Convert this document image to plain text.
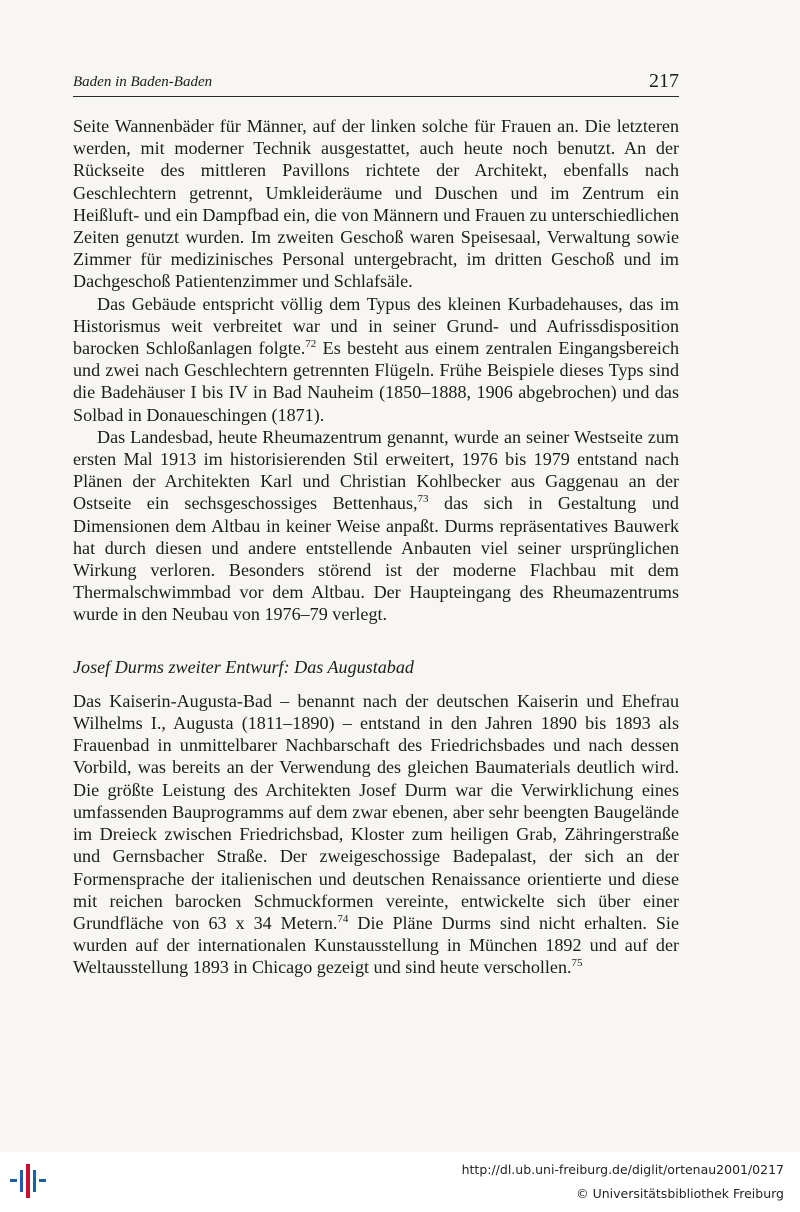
Baden in Baden-Baden	217

Seite Wannenbäder für Männer, auf der linken solche für Frauen an. Die letzteren werden, mit moderner Technik ausgestattet, auch heute noch benutzt. An der Rückseite des mittleren Pavillons richtete der Architekt, ebenfalls nach Geschlechtern getrennt, Umkleideräume und Duschen und im Zentrum ein Heißluft- und ein Dampfbad ein, die von Männern und Frauen zu unterschiedlichen Zeiten genutzt wurden. Im zweiten Geschoß waren Speisesaal, Verwaltung sowie Zimmer für medizinisches Personal untergebracht, im dritten Geschoß und im Dachgeschoß Patientenzimmer und Schlafsäle.

Das Gebäude entspricht völlig dem Typus des kleinen Kurbadehauses, das im Historismus weit verbreitet war und in seiner Grund- und Aufrissdisposition barocken Schloßanlagen folgte.$^{72}$ Es besteht aus einem zentralen Eingangsbereich und zwei nach Geschlechtern getrennten Flügeln. Frühe Beispiele dieses Typs sind die Badehäuser I bis IV in Bad Nauheim (1850–1888, 1906 abgebrochen) und das Solbad in Donaueschingen (1871).

Das Landesbad, heute Rheumazentrum genannt, wurde an seiner Westseite zum ersten Mal 1913 im historisierenden Stil erweitert, 1976 bis 1979 entstand nach Plänen der Architekten Karl und Christian Kohlbecker aus Gaggenau an der Ostseite ein sechsgeschossiges Bettenhaus,$^{73}$ das sich in Gestaltung und Dimensionen dem Altbau in keiner Weise anpaßt. Durms repräsentatives Bauwerk hat durch diesen und andere entstellende Anbauten viel seiner ursprünglichen Wirkung verloren. Besonders störend ist der moderne Flachbau mit dem Thermalschwimmbad vor dem Altbau. Der Haupteingang des Rheumazentrums wurde in den Neubau von 1976–79 verlegt.

Josef Durms zweiter Entwurf: Das Augustabad

Das Kaiserin-Augusta-Bad – benannt nach der deutschen Kaiserin und Ehefrau Wilhelms I., Augusta (1811–1890) – entstand in den Jahren 1890 bis 1893 als Frauenbad in unmittelbarer Nachbarschaft des Friedrichsbades und nach dessen Vorbild, was bereits an der Verwendung des gleichen Baumaterials deutlich wird. Die größte Leistung des Architekten Josef Durm war die Verwirklichung eines umfassenden Bauprogramms auf dem zwar ebenen, aber sehr beengten Baugelände im Dreieck zwischen Friedrichsbad, Kloster zum heiligen Grab, Zähringerstraße und Gernsbacher Straße. Der zweigeschossige Badepalast, der sich an der Formensprache der italienischen und deutschen Renaissance orientierte und diese mit reichen barocken Schmuckformen vereinte, entwickelte sich über einer Grundfläche von 63 x 34 Metern.$^{74}$ Die Pläne Durms sind nicht erhalten. Sie wurden auf der internationalen Kunstausstellung in München 1892 und auf der Weltausstellung 1893 in Chicago gezeigt und sind heute verschollen.$^{75}$

http://dl.ub.uni-freiburg.de/diglit/ortenau2001/0217
© Universitätsbibliothek Freiburg
